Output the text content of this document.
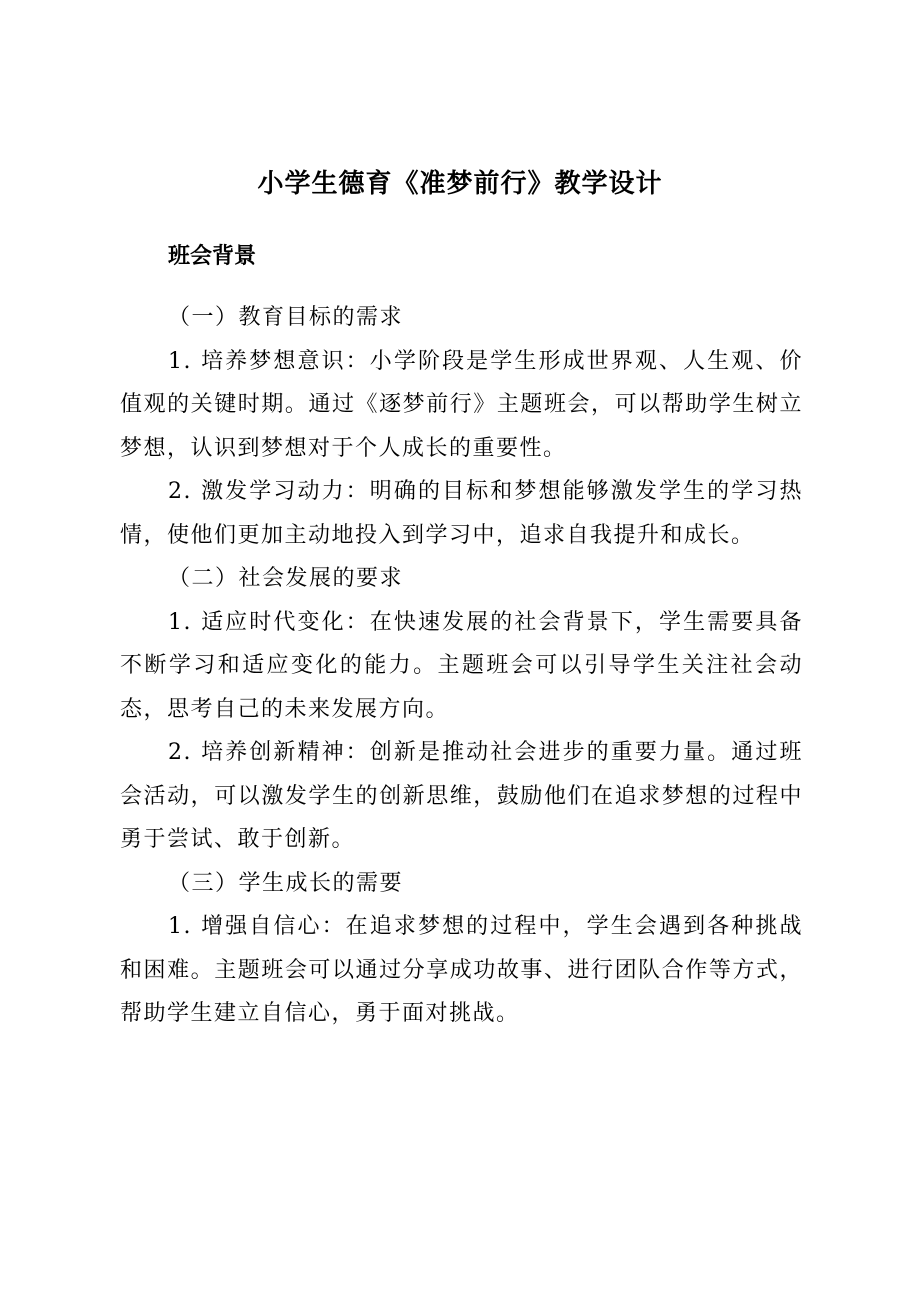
小学生德育《准梦前行》教学设计
班会背景

（一）教育目标的需求

1. 培养梦想意识：小学阶段是学生形成世界观、人生观、价值观的关键时期。通过《逐梦前行》主题班会，可以帮助学生树立梦想，认识到梦想对于个人成长的重要性。

2. 激发学习动力：明确的目标和梦想能够激发学生的学习热情，使他们更加主动地投入到学习中，追求自我提升和成长。

（二）社会发展的要求

1. 适应时代变化：在快速发展的社会背景下，学生需要具备不断学习和适应变化的能力。主题班会可以引导学生关注社会动态，思考自己的未来发展方向。

2. 培养创新精神：创新是推动社会进步的重要力量。通过班会活动，可以激发学生的创新思维，鼓励他们在追求梦想的过程中勇于尝试、敢于创新。

（三）学生成长的需要

1. 增强自信心：在追求梦想的过程中，学生会遇到各种挑战和困难。主题班会可以通过分享成功故事、进行团队合作等方式，帮助学生建立自信心，勇于面对挑战。
